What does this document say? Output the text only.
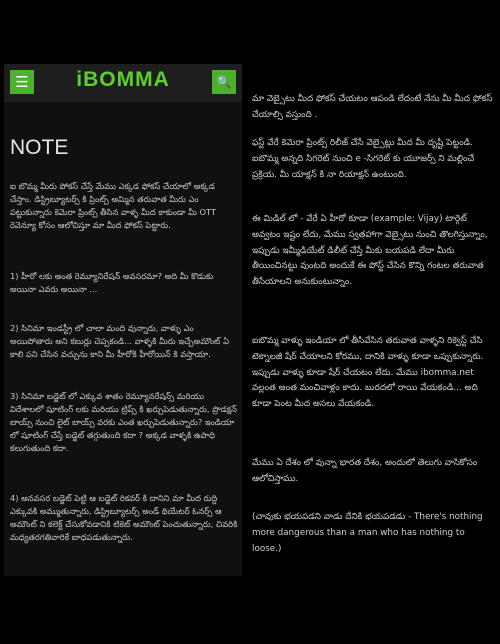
☰	iBOMMA	🔍
NOTE

ఐ బొమ్మ మీరు పోకస్ చేస్తే మేము ఎక్కడ ఫోకస్ చేయాలో అక్కడ చేస్తాం. డిస్ట్రిబ్యూటర్స్ కి ప్రింట్స్ అమ్మిన తరువాత మీరు ఎం పట్టుకున్నారు కెమెరా ప్రింట్స్ తీసిన వాళ్ళ మీద కాకుండా మీ OTT రెవెన్యూ కోసం ఆలోచిస్తూ మా మీద ఫోకస్ పెట్టారు.

1) హీరో లకు అంత రెమ్యూనిరేషన్ అవసరమా? అది మీ కొడుకు అయినా ఎవరు అయినా ...

2) సినిమా ఇండస్ట్రీ లో చాలా మంది వున్నారు, వాళ్ళు ఎం అయిపోతారు అని కబుర్లు చెప్పకండి... వాళ్ళకి మీరు ఇచ్చేఅమౌంట్ ఏ కాలి పని చేసిన వచ్చును కాని మీ హీరోకి హీరోయిన్ కి వస్తాయా.

3) సినిమా బడ్జెట్ లో ఎక్కువ శాతం రెమ్యూనరేషన్స్ మరియు విదేశాలలో షూటింగ్ లకు మరియు ట్రిప్స్ కి ఖర్చుపెడుతున్నారు, ప్రొడక్షన్ బాయ్స్ నుంచి లైట్ బాయ్స్ వరకు ఎంత ఖర్చుపెడుతున్నారు? ఇండియా లో షూటింగ్ చేస్తే బడ్జెట్ తగ్గుతుంది కదా ? అక్కడ వాళ్ళకి ఉపాధి కలుగుతుంది కదా.

4) అనవసర బడ్జెట్ పెట్టి ఆ బడ్జెట్ రికవర్ కి దానిని మా మీద రుద్ది ఎక్కువకి అమ్ముతున్నారు, డిస్ట్రిబ్యూటర్స్ అండ్ థియేటర్ ఓనర్స్ ఆ అమౌంట్ ని కలెక్ట్ చేసుకోవడానికి టికెట్ అమౌంట్ పెంచుతున్నారు, చివరికి మధ్యతరగతివారికే బాధపడుతున్నారు.

మా వెబ్సైటు మీద ఫోకస్ చేయటం ఆపండి లేదంటే నేను మీ మీద ఫోకస్ చేయాల్సి వస్తుంది .

ఫస్ట్ వేరే కెమెరా ప్రింట్స్ రిలీజ్ చేసే వెబ్సైట్లు మీద మీ దృష్టి పెట్టండి. ఐబొమ్మ అన్నది సిగరెట్ నుంచి e -సిగరెట్ కు యూజర్స్ ని మల్లించే ప్రక్రియ. మీ యాక్షన్ కి నా రియాక్షన్ ఉంటుంది.

ఈ మిడిల్ లో - వేరే ఏ హీరో కూడా (example: Vijay) టార్గెట్ అవ్వటం ఇష్టం లేదు, మేము స్వతహాగా వెబ్సైటు నుంచి తొలగిస్తున్నాం, ఇప్పుడు ఇమ్మీడియేట్ డిలీట్ చేస్తే మీకు బయపడి లేదా మీరు తీయించినట్టు వుంటది అందుకే ఈ పోస్ట్ చేసిన కొన్ని గంటల తరువాత తీసేయాలని అనుకుంటున్నాం.

ఐబొమ్మ వాళ్ళు ఇండియా లో తీసివేసిన తరువాత వాళ్ళని రిక్వెస్ట్ చేసి టెక్నాలజీ షేర్ చేయాలని కోరము, దానికి వాళ్ళు కూడా ఒప్పుకున్నారు. ఇప్పుడు వాళ్ళు కూడా షేర్ చేయటం లేదు. మేము ibomma.net వల్లంత అంత మంచివాళ్లం కాదు. బురదలో రాయి వేయకండి... అది కూడా పెంట మీద అసలు వేయకండి.

మేము ఏ దేశం లో వున్నా భారత దేశం, అందులో తెలుగు వాసికోసం ఆలోచిస్తాము.

(చావుకు భయపడని వాడు దేనికి భయపడడు - There's nothing more dangerous than a man who has nothing to loose.)
